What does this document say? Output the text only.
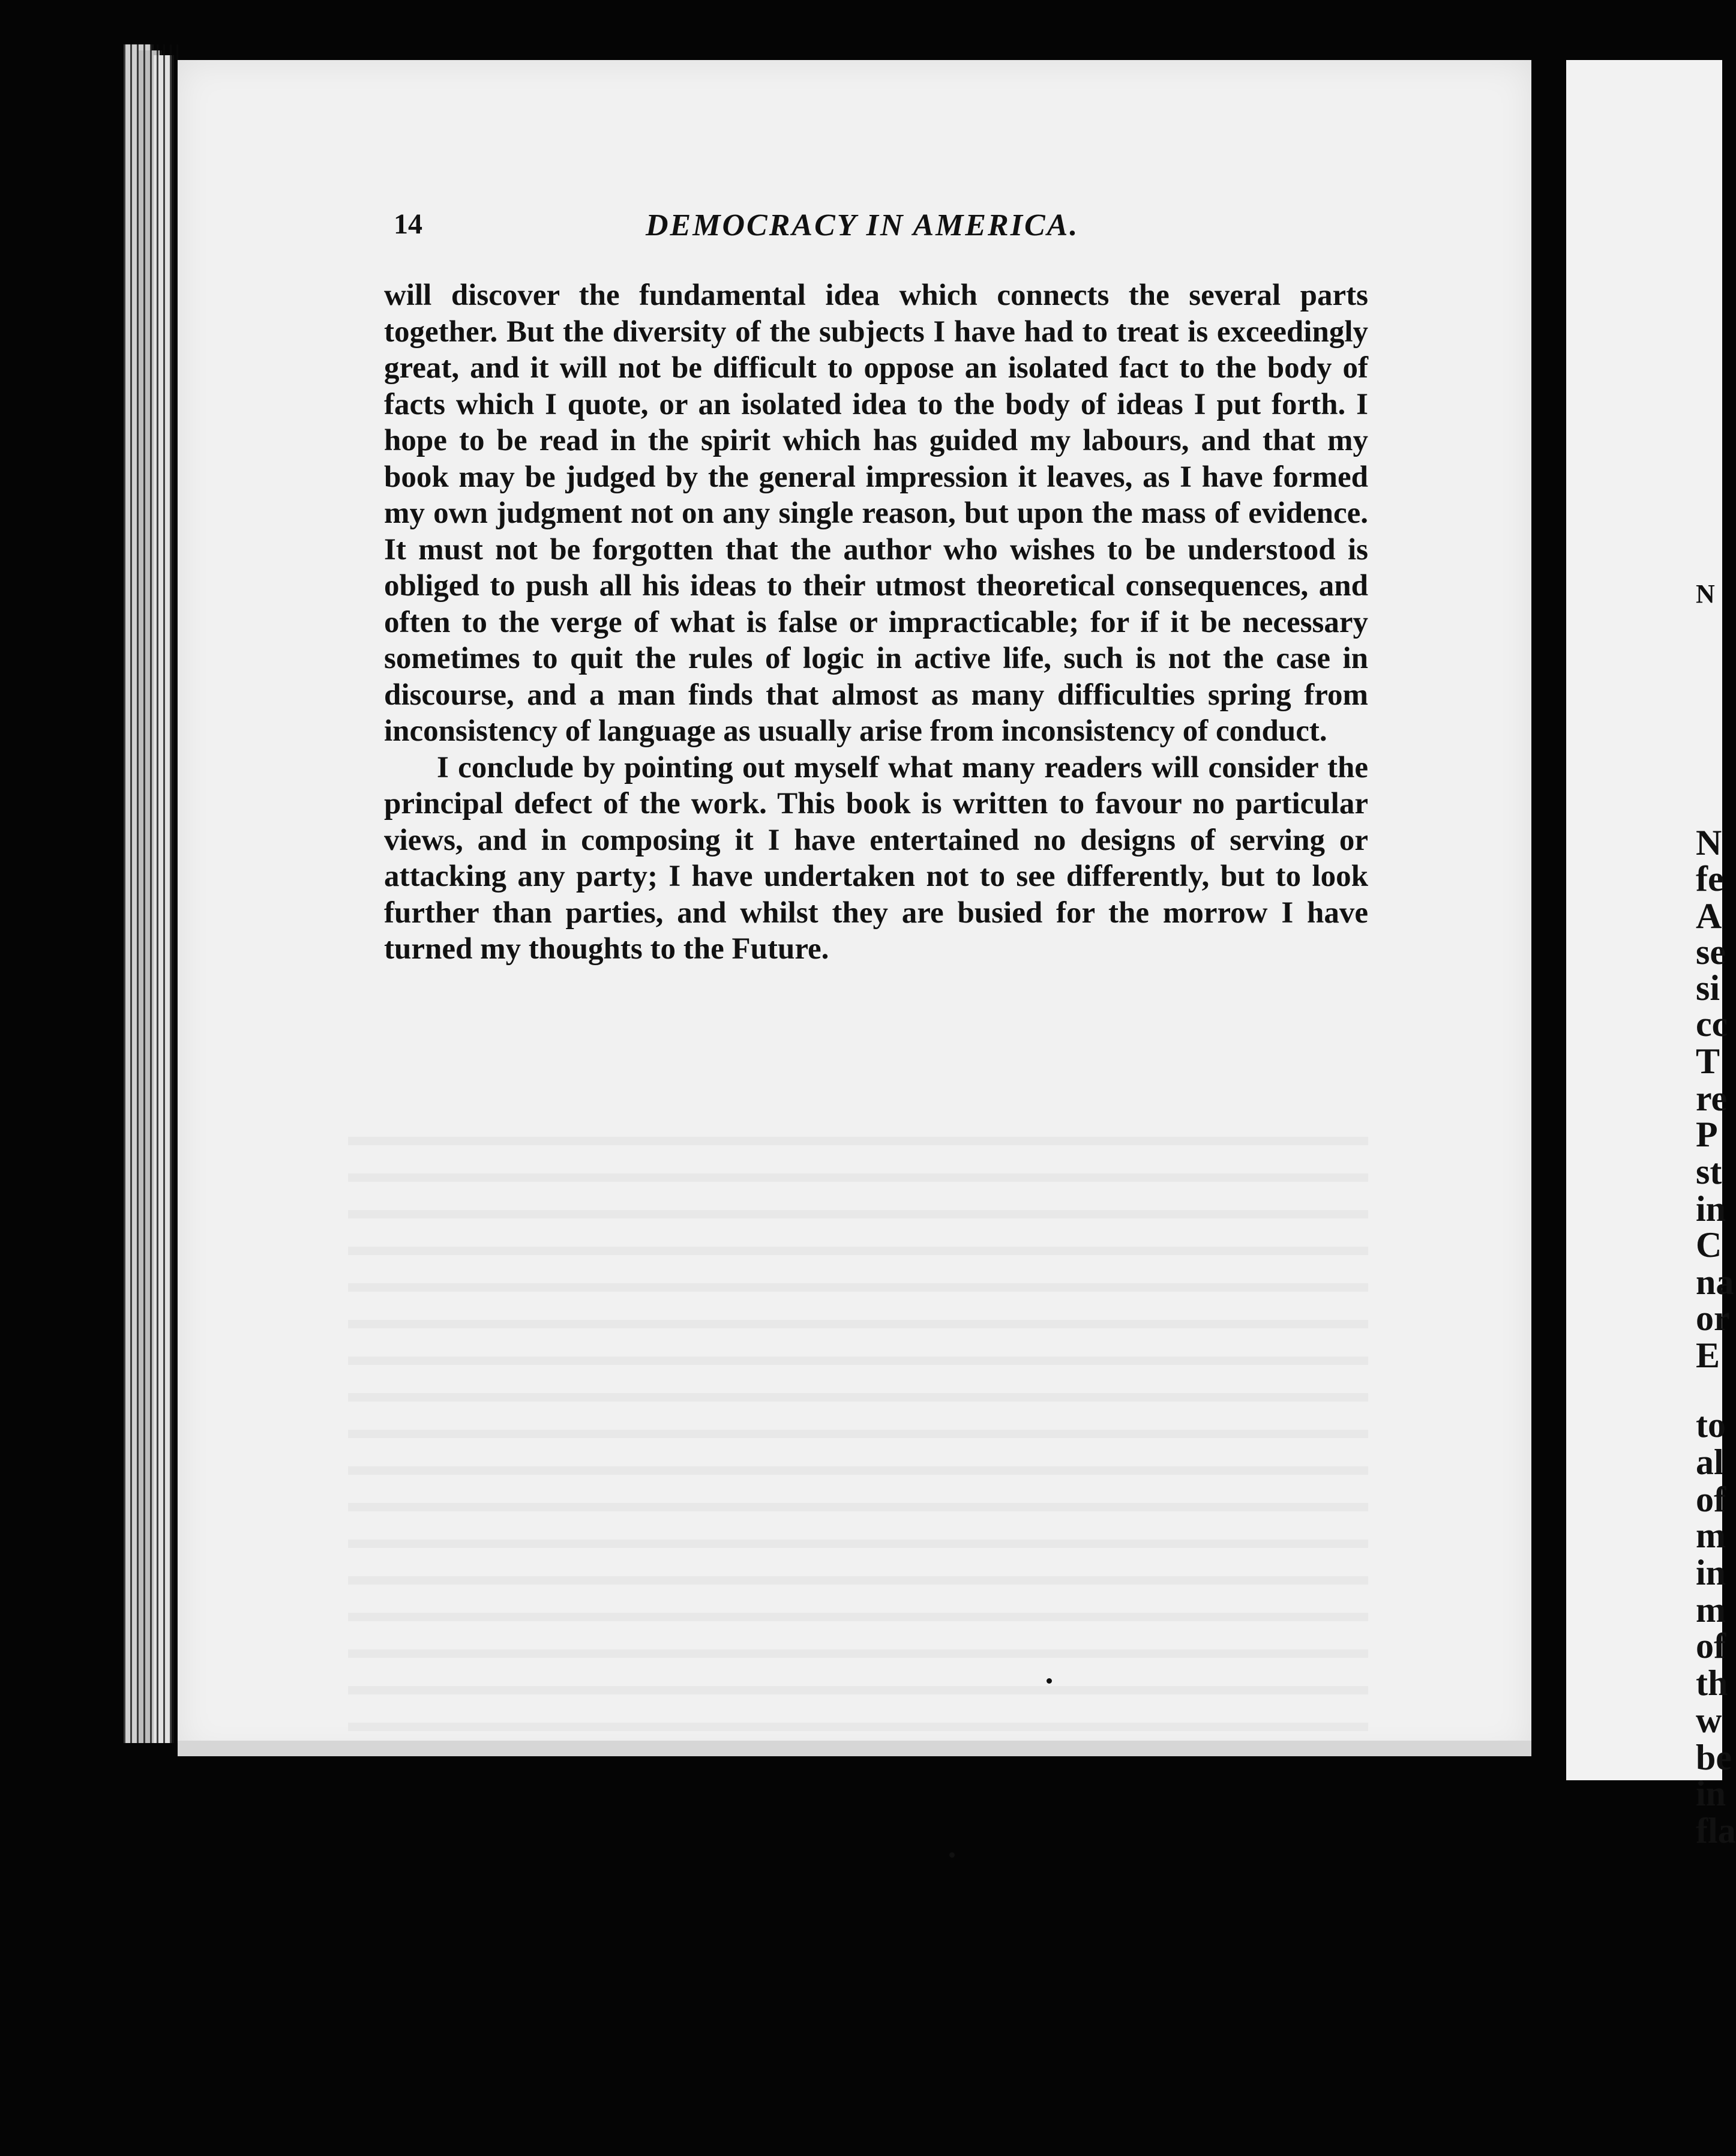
14	DEMOCRACY IN AMERICA.

will discover the fundamental idea which connects the several parts together. But the diversity of the subjects I have had to treat is exceedingly great, and it will not be difficult to oppose an isolated fact to the body of facts which I quote, or an isolated idea to the body of ideas I put forth. I hope to be read in the spirit which has guided my labours, and that my book may be judged by the general impression it leaves, as I have formed my own judgment not on any single reason, but upon the mass of evidence. It must not be forgotten that the author who wishes to be understood is obliged to push all his ideas to their utmost theoretical consequences, and often to the verge of what is false or impracticable; for if it be necessary sometimes to quit the rules of logic in active life, such is not the case in discourse, and a man finds that almost as many difficulties spring from inconsistency of language as usually arise from inconsistency of conduct.

I conclude by pointing out myself what many readers will consider the principal defect of the work. This book is written to favour no particular views, and in composing it I have entertained no designs of serving or attacking any party; I have undertaken not to see differently, but to look further than parties, and whilst they are busied for the morrow I have turned my thoughts to the Future.

N
N
fe
A
se
si
cc
T
re
P
st
in
C
na
or
E
to
al
of
m
in
m
of
th
w
be
in
fla
